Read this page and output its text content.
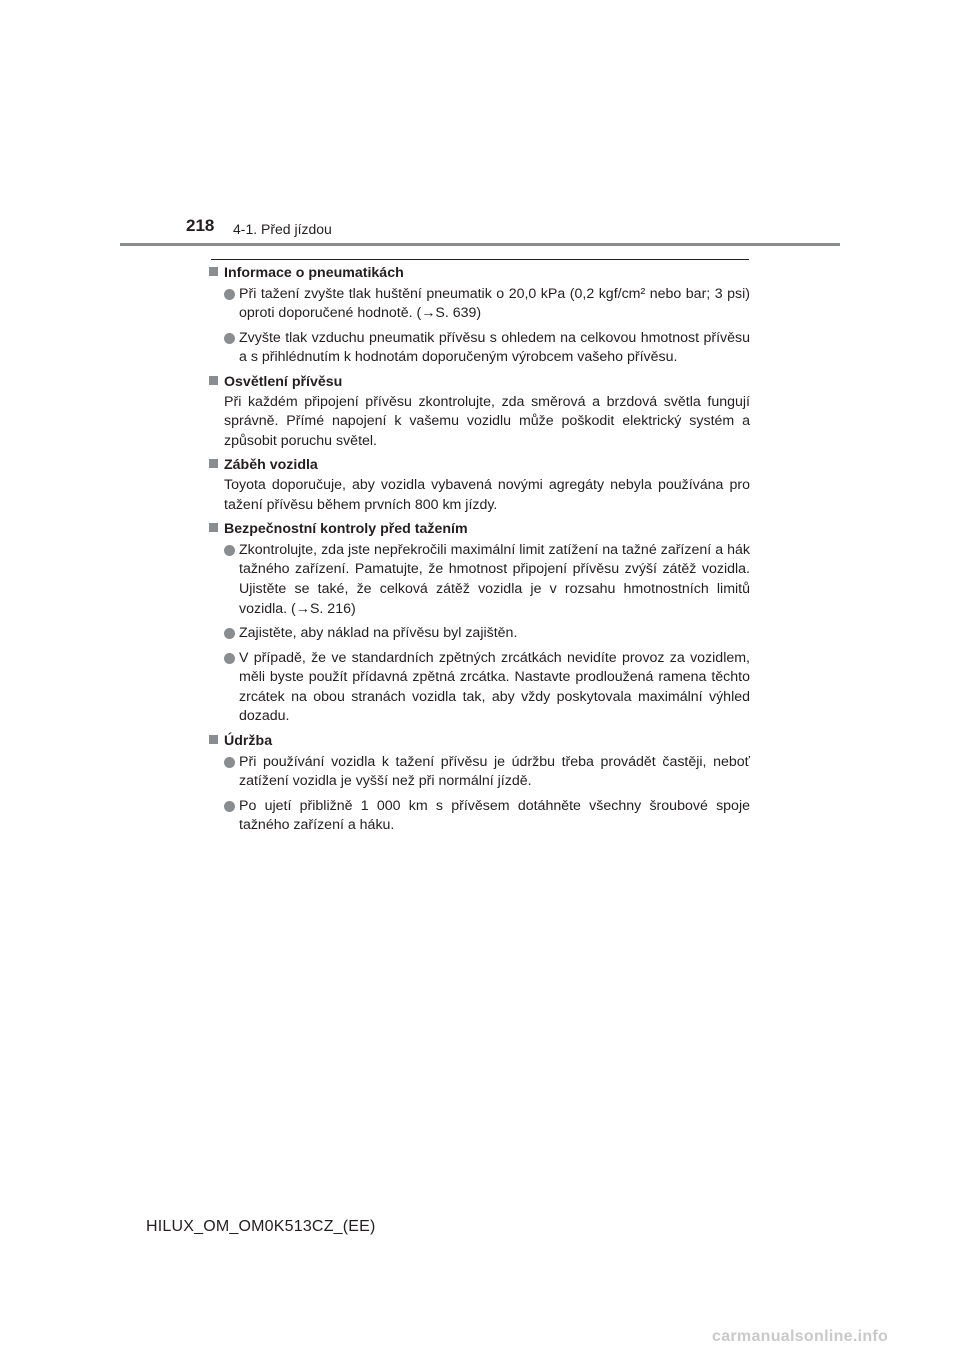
218 4-1. Před jízdou
Informace o pneumatikách
Při tažení zvyšte tlak huštění pneumatik o 20,0 kPa (0,2 kgf/cm² nebo bar; 3 psi) oproti doporučené hodnotě. (→S. 639)
Zvyšte tlak vzduchu pneumatik přívěsu s ohledem na celkovou hmotnost přívěsu a s přihlédnutím k hodnotám doporučeným výrobcem vašeho přívěsu.
Osvětlení přívěsu
Při každém připojení přívěsu zkontrolujte, zda směrová a brzdová světla fungují správně. Přímé napojení k vašemu vozidlu může poškodit elektrický systém a způsobit poruchu světel.
Záběh vozidla
Toyota doporučuje, aby vozidla vybavená novými agregáty nebyla používána pro tažení přívěsu během prvních 800 km jízdy.
Bezpečnostní kontroly před tažením
Zkontrolujte, zda jste nepřekročili maximální limit zatížení na tažné zařízení a hák tažného zařízení. Pamatujte, že hmotnost připojení přívěsu zvýší zátěž vozidla. Ujistěte se také, že celková zátěž vozidla je v rozsahu hmotnostních limitů vozidla. (→S. 216)
Zajistěte, aby náklad na přívěsu byl zajištěn.
V případě, že ve standardních zpětných zrcátkách nevidíte provoz za vozidlem, měli byste použít přídavná zpětná zrcátka. Nastavte prodloužená ramena těchto zrcátek na obou stranách vozidla tak, aby vždy poskytovala maximální výhled dozadu.
Údržba
Při používání vozidla k tažení přívěsu je údržbu třeba provádět častěji, neboť zatížení vozidla je vyšší než při normální jízdě.
Po ujetí přibližně 1 000 km s přívěsem dotáhněte všechny šroubové spoje tažného zařízení a háku.
HILUX_OM_OM0K513CZ_(EE)
carmanualsonline.info
